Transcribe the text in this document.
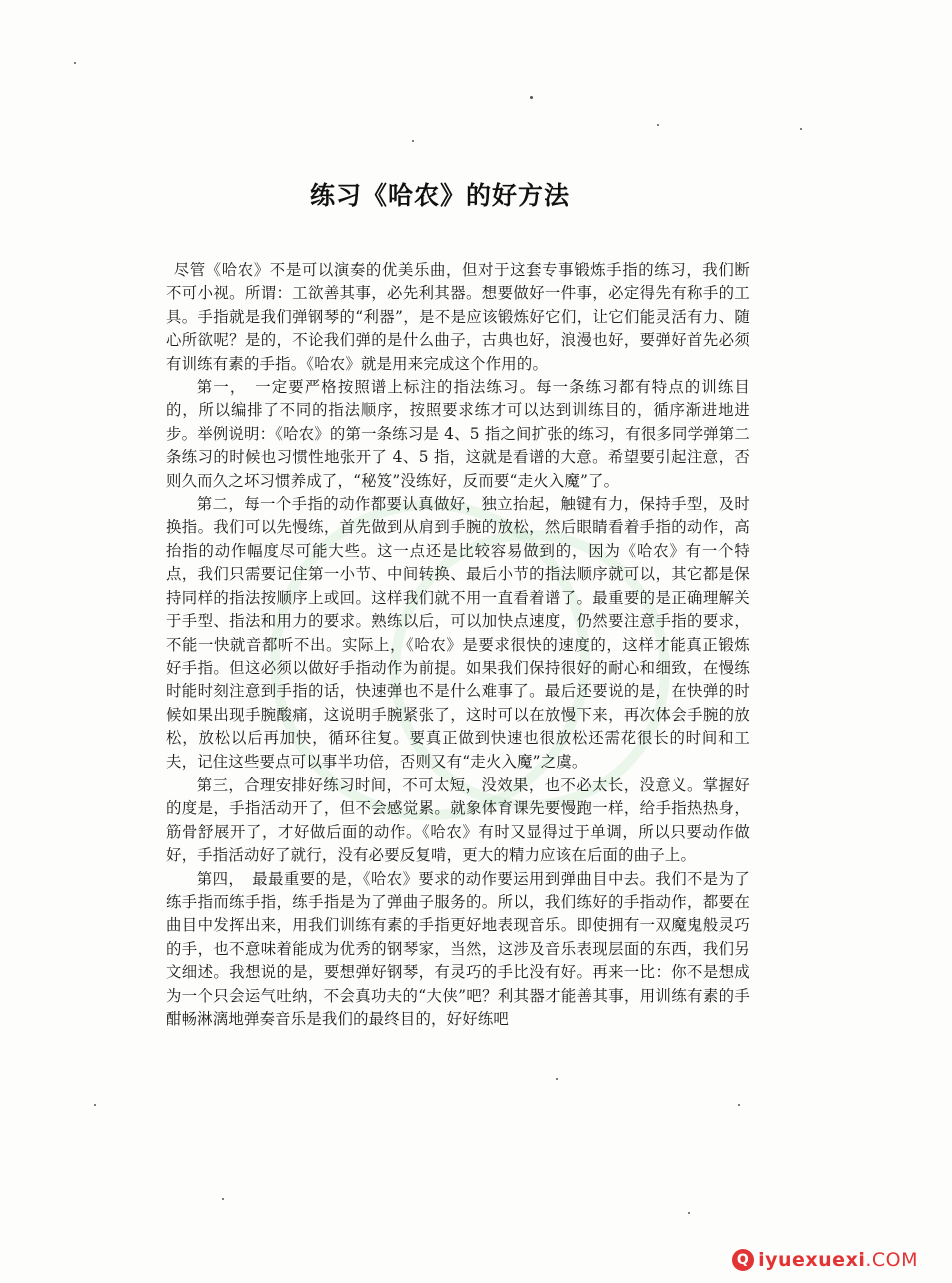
练习《哈农》的好方法

尽管《哈农》不是可以演奏的优美乐曲，但对于这套专事锻炼手指的练习，我们断不可小视。所谓：工欲善其事，必先利其器。想要做好一件事，必定得先有称手的工具。手指就是我们弹钢琴的“利器”，是不是应该锻炼好它们，让它们能灵活有力、随心所欲呢？是的，不论我们弹的是什么曲子，古典也好，浪漫也好，要弹好首先必须有训练有素的手指。《哈农》就是用来完成这个作用的。

第一，　一定要严格按照谱上标注的指法练习。每一条练习都有特点的训练目的，所以编排了不同的指法顺序，按照要求练才可以达到训练目的，循序渐进地进步。举例说明：《哈农》的第一条练习是 4、5 指之间扩张的练习，有很多同学弹第二条练习的时候也习惯性地张开了 4、5 指，这就是看谱的大意。希望要引起注意，否则久而久之坏习惯养成了，“秘笈”没练好，反而要“走火入魔”了。

第二，每一个手指的动作都要认真做好，独立抬起，触键有力，保持手型，及时换指。我们可以先慢练，首先做到从肩到手腕的放松，然后眼睛看着手指的动作，高抬指的动作幅度尽可能大些。这一点还是比较容易做到的，因为《哈农》有一个特点，我们只需要记住第一小节、中间转换、最后小节的指法顺序就可以，其它都是保持同样的指法按顺序上或回。这样我们就不用一直看着谱了。最重要的是正确理解关于手型、指法和用力的要求。熟练以后，可以加快点速度，仍然要注意手指的要求，不能一快就音都听不出。实际上，《哈农》是要求很快的速度的，这样才能真正锻炼好手指。但这必须以做好手指动作为前提。如果我们保持很好的耐心和细致，在慢练时能时刻注意到手指的话，快速弹也不是什么难事了。最后还要说的是，在快弹的时候如果出现手腕酸痛，这说明手腕紧张了，这时可以在放慢下来，再次体会手腕的放松，放松以后再加快，循环往复。要真正做到快速也很放松还需花很长的时间和工夫，记住这些要点可以事半功倍，否则又有“走火入魔”之虞。

第三，合理安排好练习时间，不可太短，没效果，也不必太长，没意义。掌握好的度是，手指活动开了，但不会感觉累。就象体育课先要慢跑一样，给手指热热身，筋骨舒展开了，才好做后面的动作。《哈农》有时又显得过于单调，所以只要动作做好，手指活动好了就行，没有必要反复啃，更大的精力应该在后面的曲子上。

第四，　最最重要的是，《哈农》要求的动作要运用到弹曲目中去。我们不是为了练手指而练手指，练手指是为了弹曲子服务的。所以，我们练好的手指动作，都要在曲目中发挥出来，用我们训练有素的手指更好地表现音乐。即使拥有一双魔鬼般灵巧的手，也不意味着能成为优秀的钢琴家，当然，这涉及音乐表现层面的东西，我们另文细述。我想说的是，要想弹好钢琴，有灵巧的手比没有好。再来一比：你不是想成为一个只会运气吐纳，不会真功夫的“大侠”吧？利其器才能善其事，用训练有素的手酣畅淋漓地弹奏音乐是我们的最终目的，好好练吧

Q iyuexuexi .COM
